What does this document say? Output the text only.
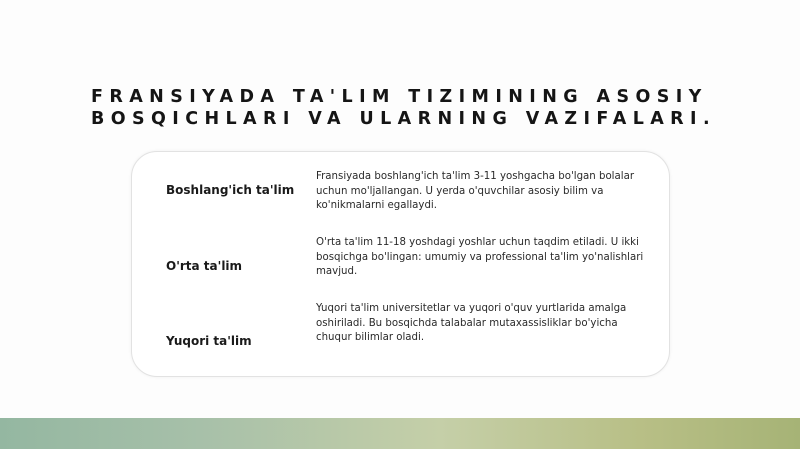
FRANSIYADA TA'LIM TIZIMINING ASOSIY
BOSQICHLARI VA ULARNING VAZIFALARI.
Boshlang'ich ta'lim
Fransiyada boshlang'ich ta'lim 3-11 yoshgacha bo'lgan bolalar uchun mo'ljallangan. U yerda o'quvchilar asosiy bilim va ko'nikmalarni egallaydi.
O'rta ta'lim
O'rta ta'lim 11-18 yoshdagi yoshlar uchun taqdim etiladi. U ikki bosqichga bo'lingan: umumiy va professional ta'lim yo'nalishlari mavjud.
Yuqori ta'lim
Yuqori ta'lim universitetlar va yuqori o'quv yurtlarida amalga oshiriladi. Bu bosqichda talabalar mutaxassisliklar bo'yicha chuqur bilimlar oladi.
